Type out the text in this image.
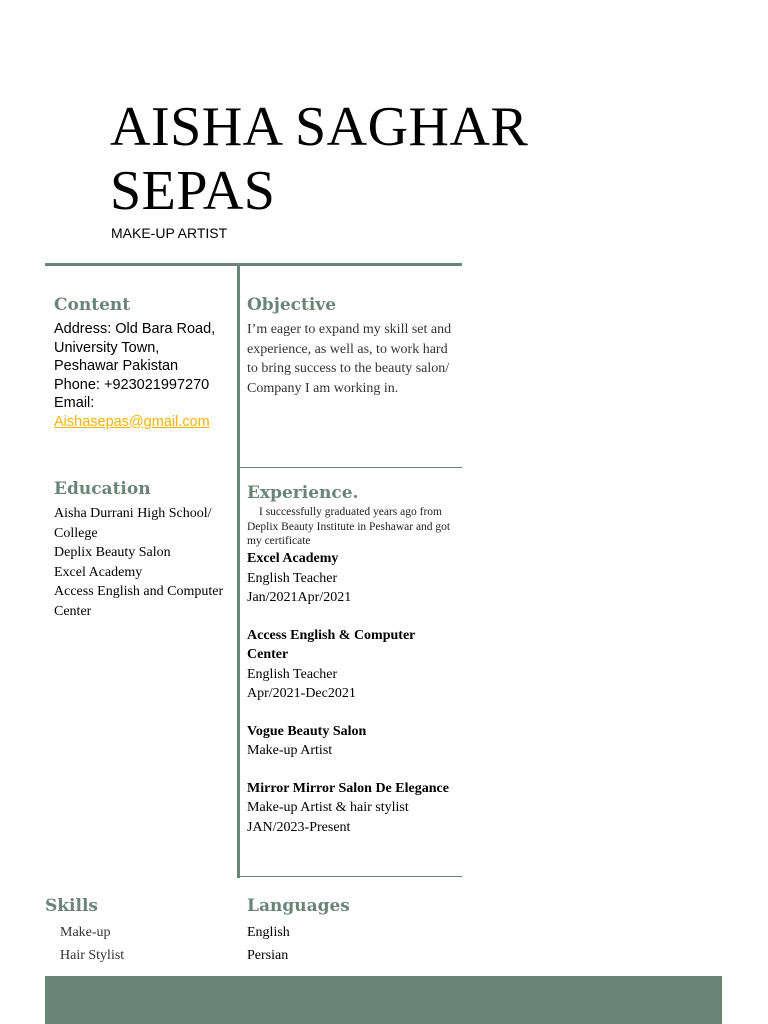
AISHA SAGHAR
SEPAS
MAKE-UP ARTIST
Content
Address: Old Bara Road,
University Town,
Peshawar Pakistan
Phone: +923021997270
Email:
Aishasepas@gmail.com
Objective
I’m eager to expand my skill set and experience, as well as, to work hard to bring success to the beauty salon/ Company I am working in.
Education
Aisha Durrani High School/ College
Deplix Beauty Salon
Excel Academy
Access English and Computer Center
Experience.
I successfully graduated years ago from Deplix Beauty Institute in Peshawar and got my certificate
Excel Academy
English Teacher
Jan/2021Apr/2021
Access English & Computer Center
English Teacher
Apr/2021-Dec2021
Vogue Beauty Salon
Make-up Artist
Mirror Mirror Salon De Elegance
Make-up Artist & hair stylist
JAN/2023-Present
Skills
Make-up
Hair Stylist
Languages
English
Persian
